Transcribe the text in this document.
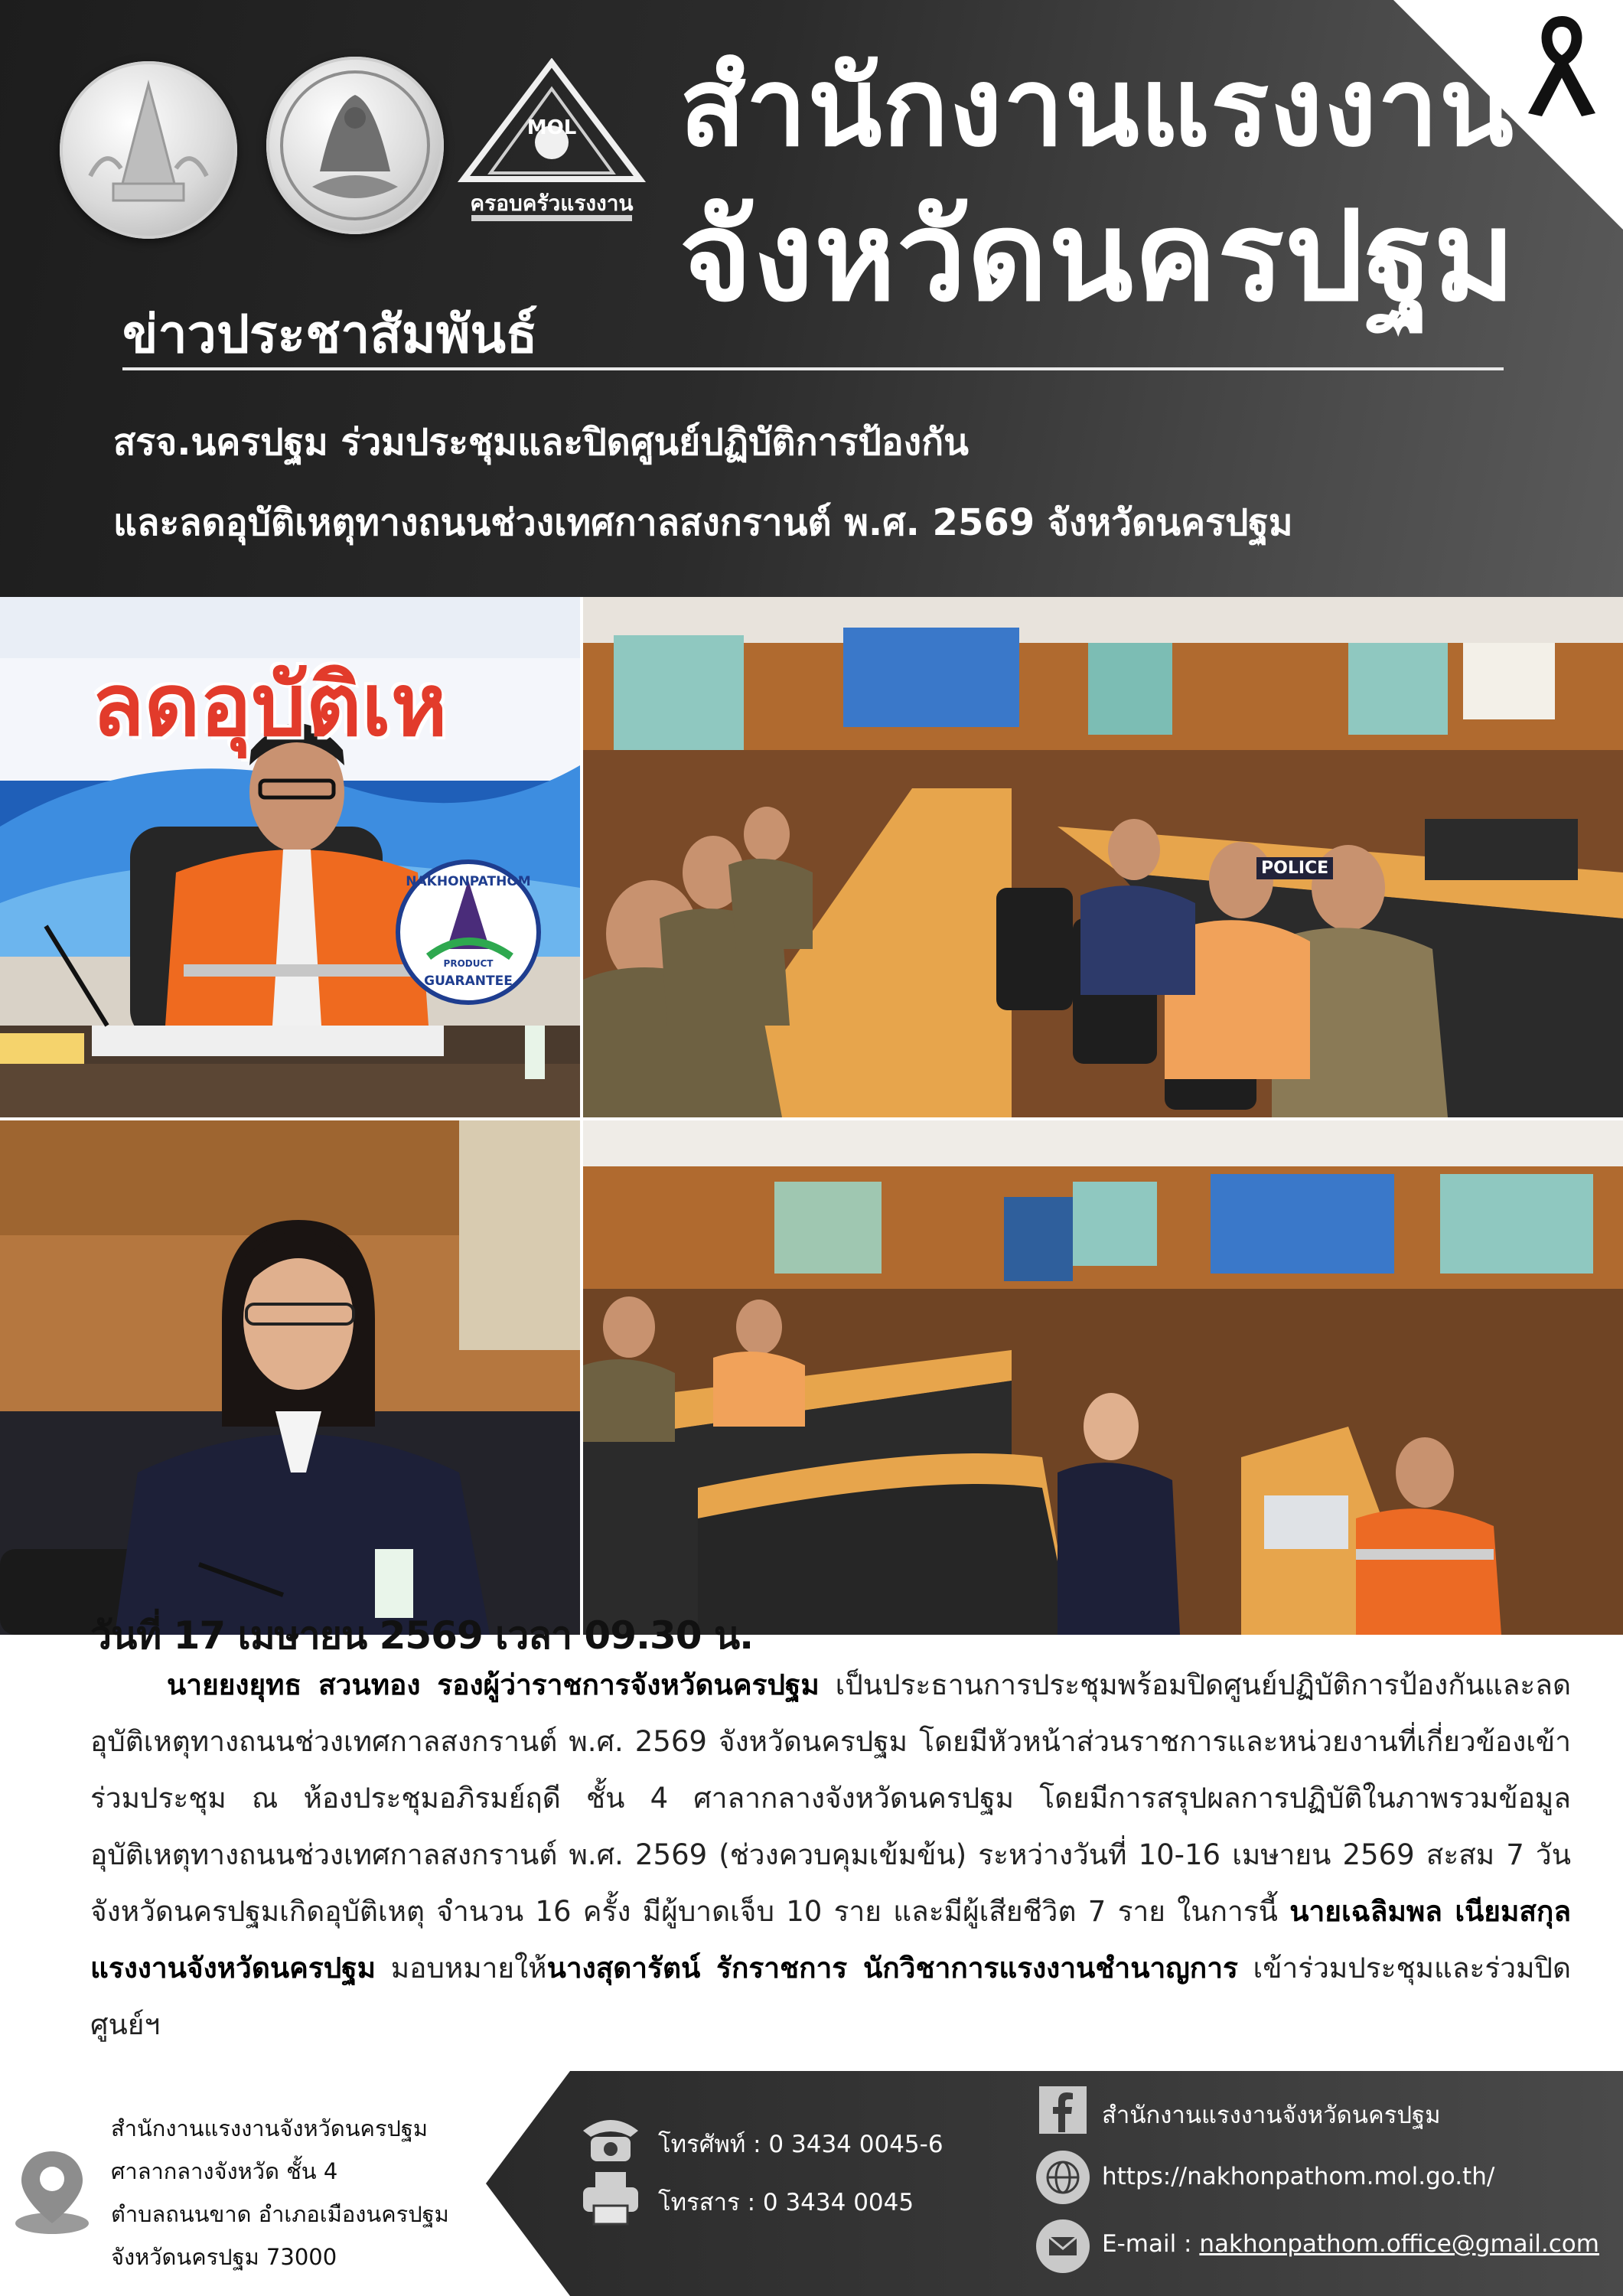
MOL
ครอบครัวแรงงาน
สำนักงานแรงงาน
จังหวัดนครปฐม
ข่าวประชาสัมพันธ์
สรจ.นครปฐม ร่วมประชุมและปิดศูนย์ปฏิบัติการป้องกัน
และลดอุบัติเหตุทางถนนช่วงเทศกาลสงกรานต์ พ.ศ. 2569 จังหวัดนครปฐม
ลดอุบัติเห
NAKHONPATHOM
PRODUCT
GUARANTEE
POLICE
วันที่ 17 เมษายน 2569 เวลา 09.30 น.
นายยงยุทธ สวนทอง รองผู้ว่าราชการจังหวัดนครปฐม เป็นประธานการประชุมพร้อมปิดศูนย์ปฏิบัติการป้องกันและลดอุบัติเหตุทางถนนช่วงเทศกาลสงกรานต์ พ.ศ. 2569 จังหวัดนครปฐม โดยมีหัวหน้าส่วนราชการและหน่วยงานที่เกี่ยวข้องเข้าร่วมประชุม ณ ห้องประชุมอภิรมย์ฤดี ชั้น 4 ศาลากลางจังหวัดนครปฐม โดยมีการสรุปผลการปฏิบัติในภาพรวมข้อมูลอุบัติเหตุทางถนนช่วงเทศกาลสงกรานต์ พ.ศ. 2569 (ช่วงควบคุมเข้มข้น) ระหว่างวันที่ 10-16 เมษายน 2569 สะสม 7 วัน จังหวัดนครปฐมเกิดอุบัติเหตุ จำนวน 16 ครั้ง มีผู้บาดเจ็บ 10 ราย และมีผู้เสียชีวิต 7 ราย ในการนี้ นายเฉลิมพล เนียมสกุล แรงงานจังหวัดนครปฐม มอบหมายให้นางสุดารัตน์ รักราชการ นักวิชาการแรงงานชำนาญการ เข้าร่วมประชุมและร่วมปิดศูนย์ฯ
สำนักงานแรงงานจังหวัดนครปฐม
ศาลากลางจังหวัด ชั้น 4
ตำบลถนนขาด อำเภอเมืองนครปฐม
จังหวัดนครปฐม 73000
โทรศัพท์ : 0 3434 0045-6
โทรสาร : 0 3434 0045
สำนักงานแรงงานจังหวัดนครปฐม
https://nakhonpathom.mol.go.th/
E-mail : nakhonpathom.office@gmail.com
